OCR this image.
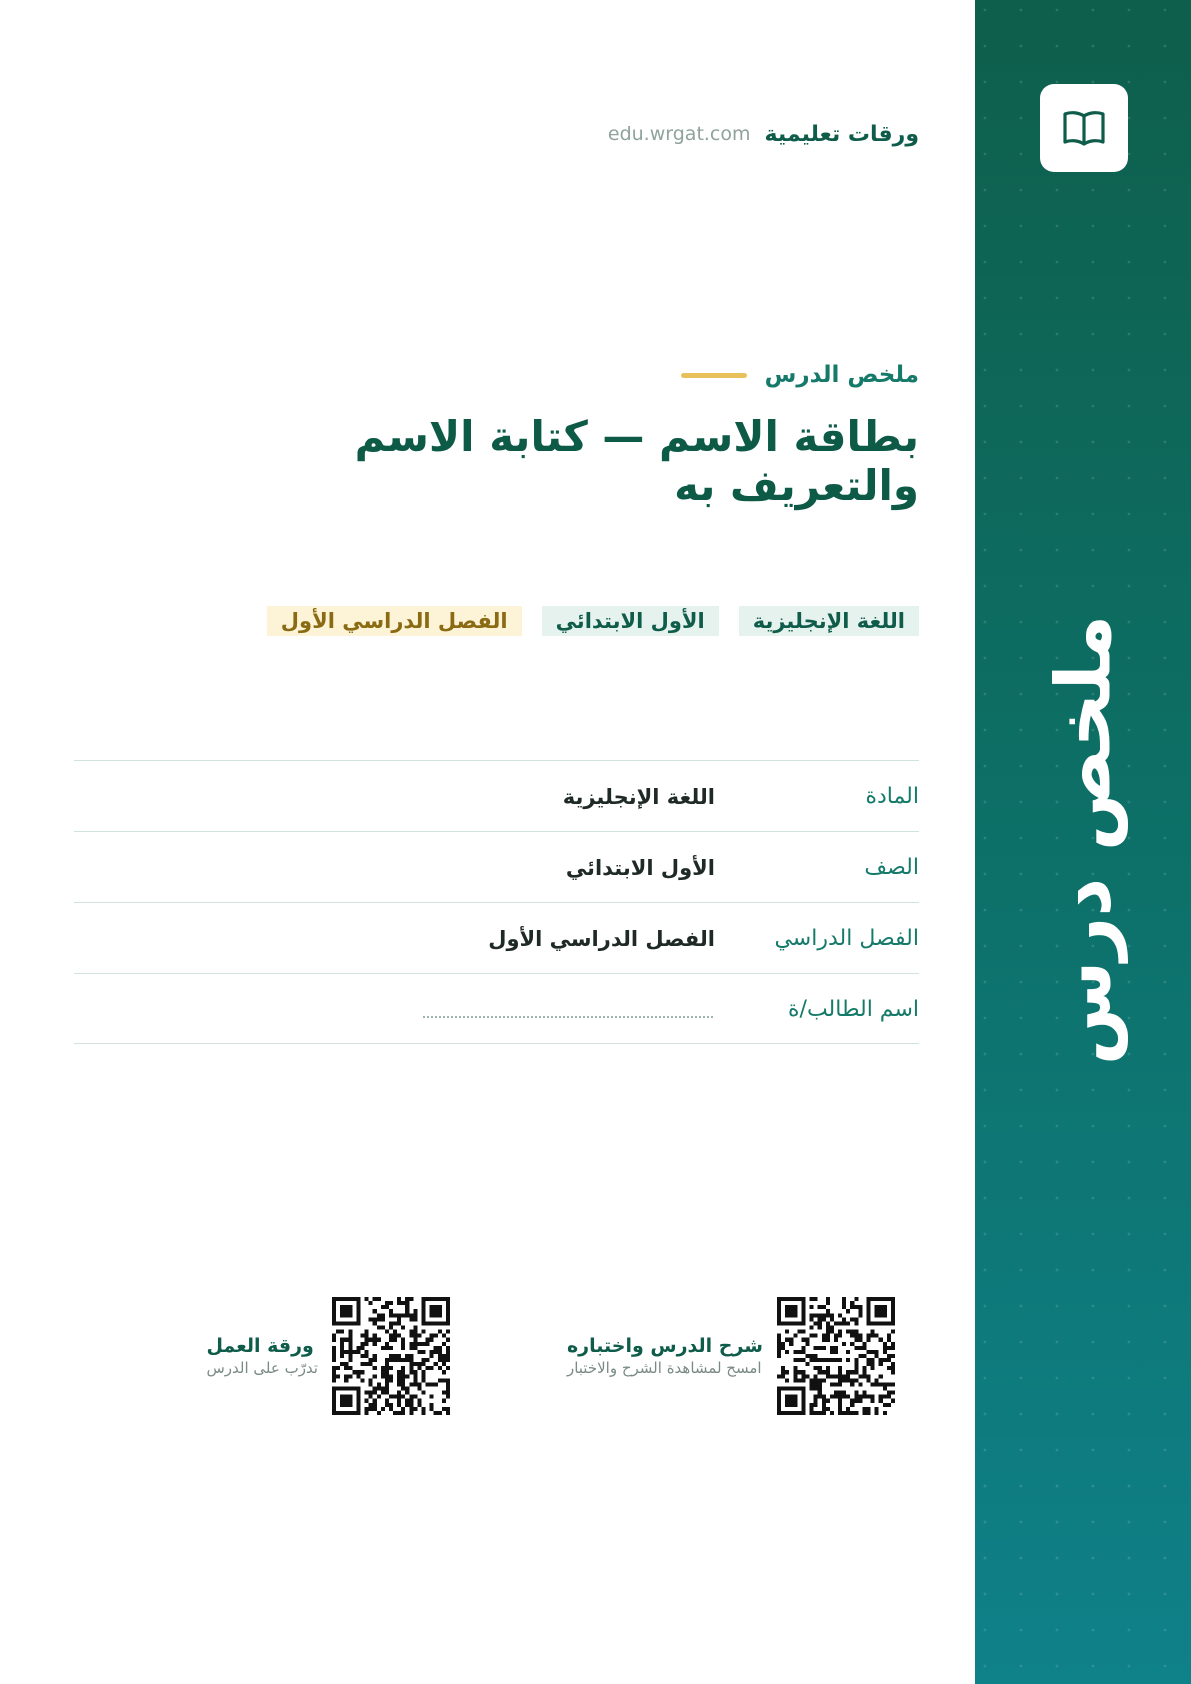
ملخص درس
ورقات تعليمية
edu.wrgat.com
ملخص الدرس
بطاقة الاسم — كتابة الاسم والتعريف به
اللغة الإنجليزية
الأول الابتدائي
الفصل الدراسي الأول
المادة
اللغة الإنجليزية
الصف
الأول الابتدائي
الفصل الدراسي
الفصل الدراسي الأول
اسم الطالب/ة
شرح الدرس واختباره
امسح لمشاهدة الشرح والاختبار
ورقة العمل
تدرّب على الدرس
